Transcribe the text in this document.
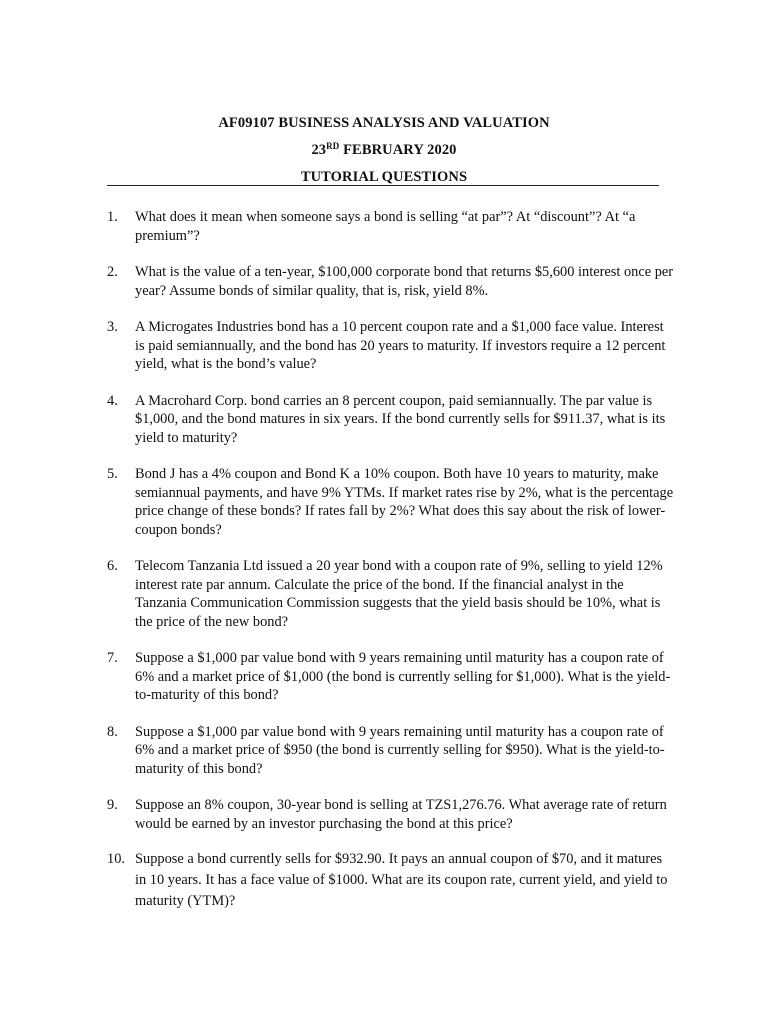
AF09107 BUSINESS ANALYSIS AND VALUATION
23RD FEBRUARY 2020
TUTORIAL QUESTIONS
1. What does it mean when someone says a bond is selling “at par”? At “discount”? At “a premium”?
2. What is the value of a ten-year, $100,000 corporate bond that returns $5,600 interest once per year? Assume bonds of similar quality, that is, risk, yield 8%.
3. A Microgates Industries bond has a 10 percent coupon rate and a $1,000 face value. Interest is paid semiannually, and the bond has 20 years to maturity. If investors require a 12 percent yield, what is the bond’s value?
4. A Macrohard Corp. bond carries an 8 percent coupon, paid semiannually. The par value is $1,000, and the bond matures in six years. If the bond currently sells for $911.37, what is its yield to maturity?
5. Bond J has a 4% coupon and Bond K a 10% coupon. Both have 10 years to maturity, make semiannual payments, and have 9% YTMs. If market rates rise by 2%, what is the percentage price change of these bonds? If rates fall by 2%? What does this say about the risk of lower-coupon bonds?
6. Telecom Tanzania Ltd issued a 20 year bond with a coupon rate of 9%, selling to yield 12% interest rate par annum. Calculate the price of the bond. If the financial analyst in the Tanzania Communication Commission suggests that the yield basis should be 10%, what is the price of the new bond?
7. Suppose a $1,000 par value bond with 9 years remaining until maturity has a coupon rate of 6% and a market price of $1,000 (the bond is currently selling for $1,000). What is the yield-to-maturity of this bond?
8. Suppose a $1,000 par value bond with 9 years remaining until maturity has a coupon rate of 6% and a market price of $950 (the bond is currently selling for $950). What is the yield-to-maturity of this bond?
9. Suppose an 8% coupon, 30-year bond is selling at TZS1,276.76. What average rate of return would be earned by an investor purchasing the bond at this price?
10. Suppose a bond currently sells for $932.90. It pays an annual coupon of $70, and it matures in 10 years. It has a face value of $1000. What are its coupon rate, current yield, and yield to maturity (YTM)?
